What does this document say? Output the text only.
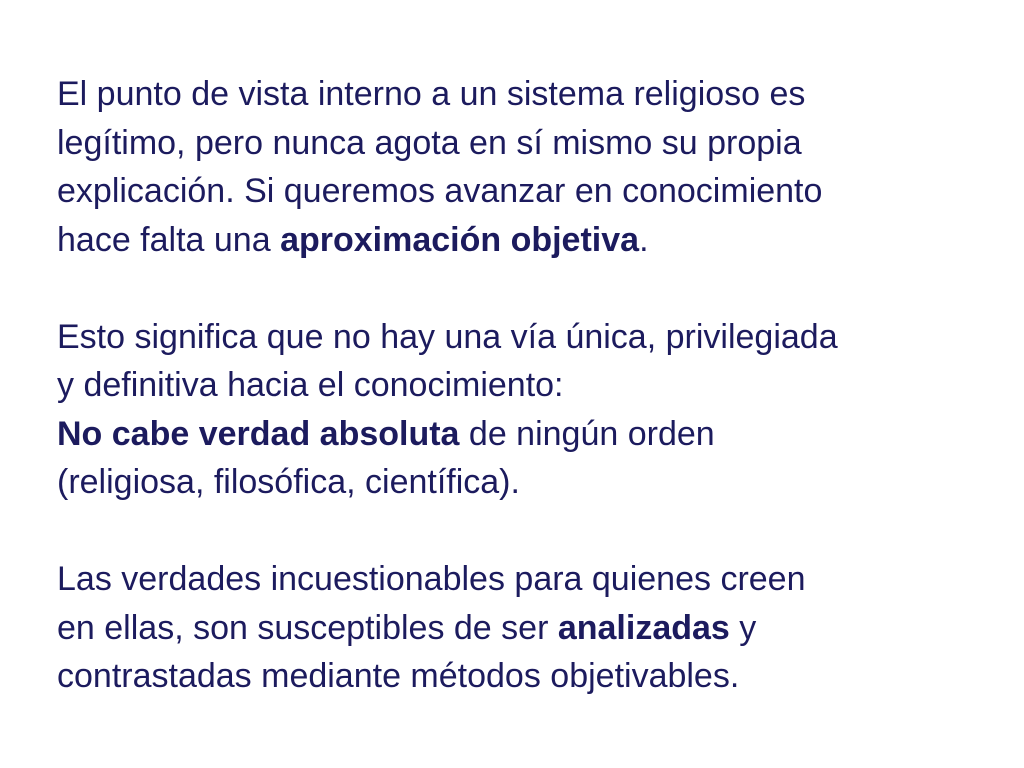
El punto de vista interno a un sistema religioso es
legítimo, pero nunca agota en sí mismo su propia
explicación. Si queremos avanzar en conocimiento
hace falta una aproximación objetiva.
Esto significa que no hay una vía única, privilegiada
y definitiva hacia el conocimiento:
No cabe verdad absoluta de ningún orden
(religiosa, filosófica, científica).
Las verdades incuestionables para quienes creen
en ellas, son susceptibles de ser analizadas y
contrastadas mediante métodos objetivables.
